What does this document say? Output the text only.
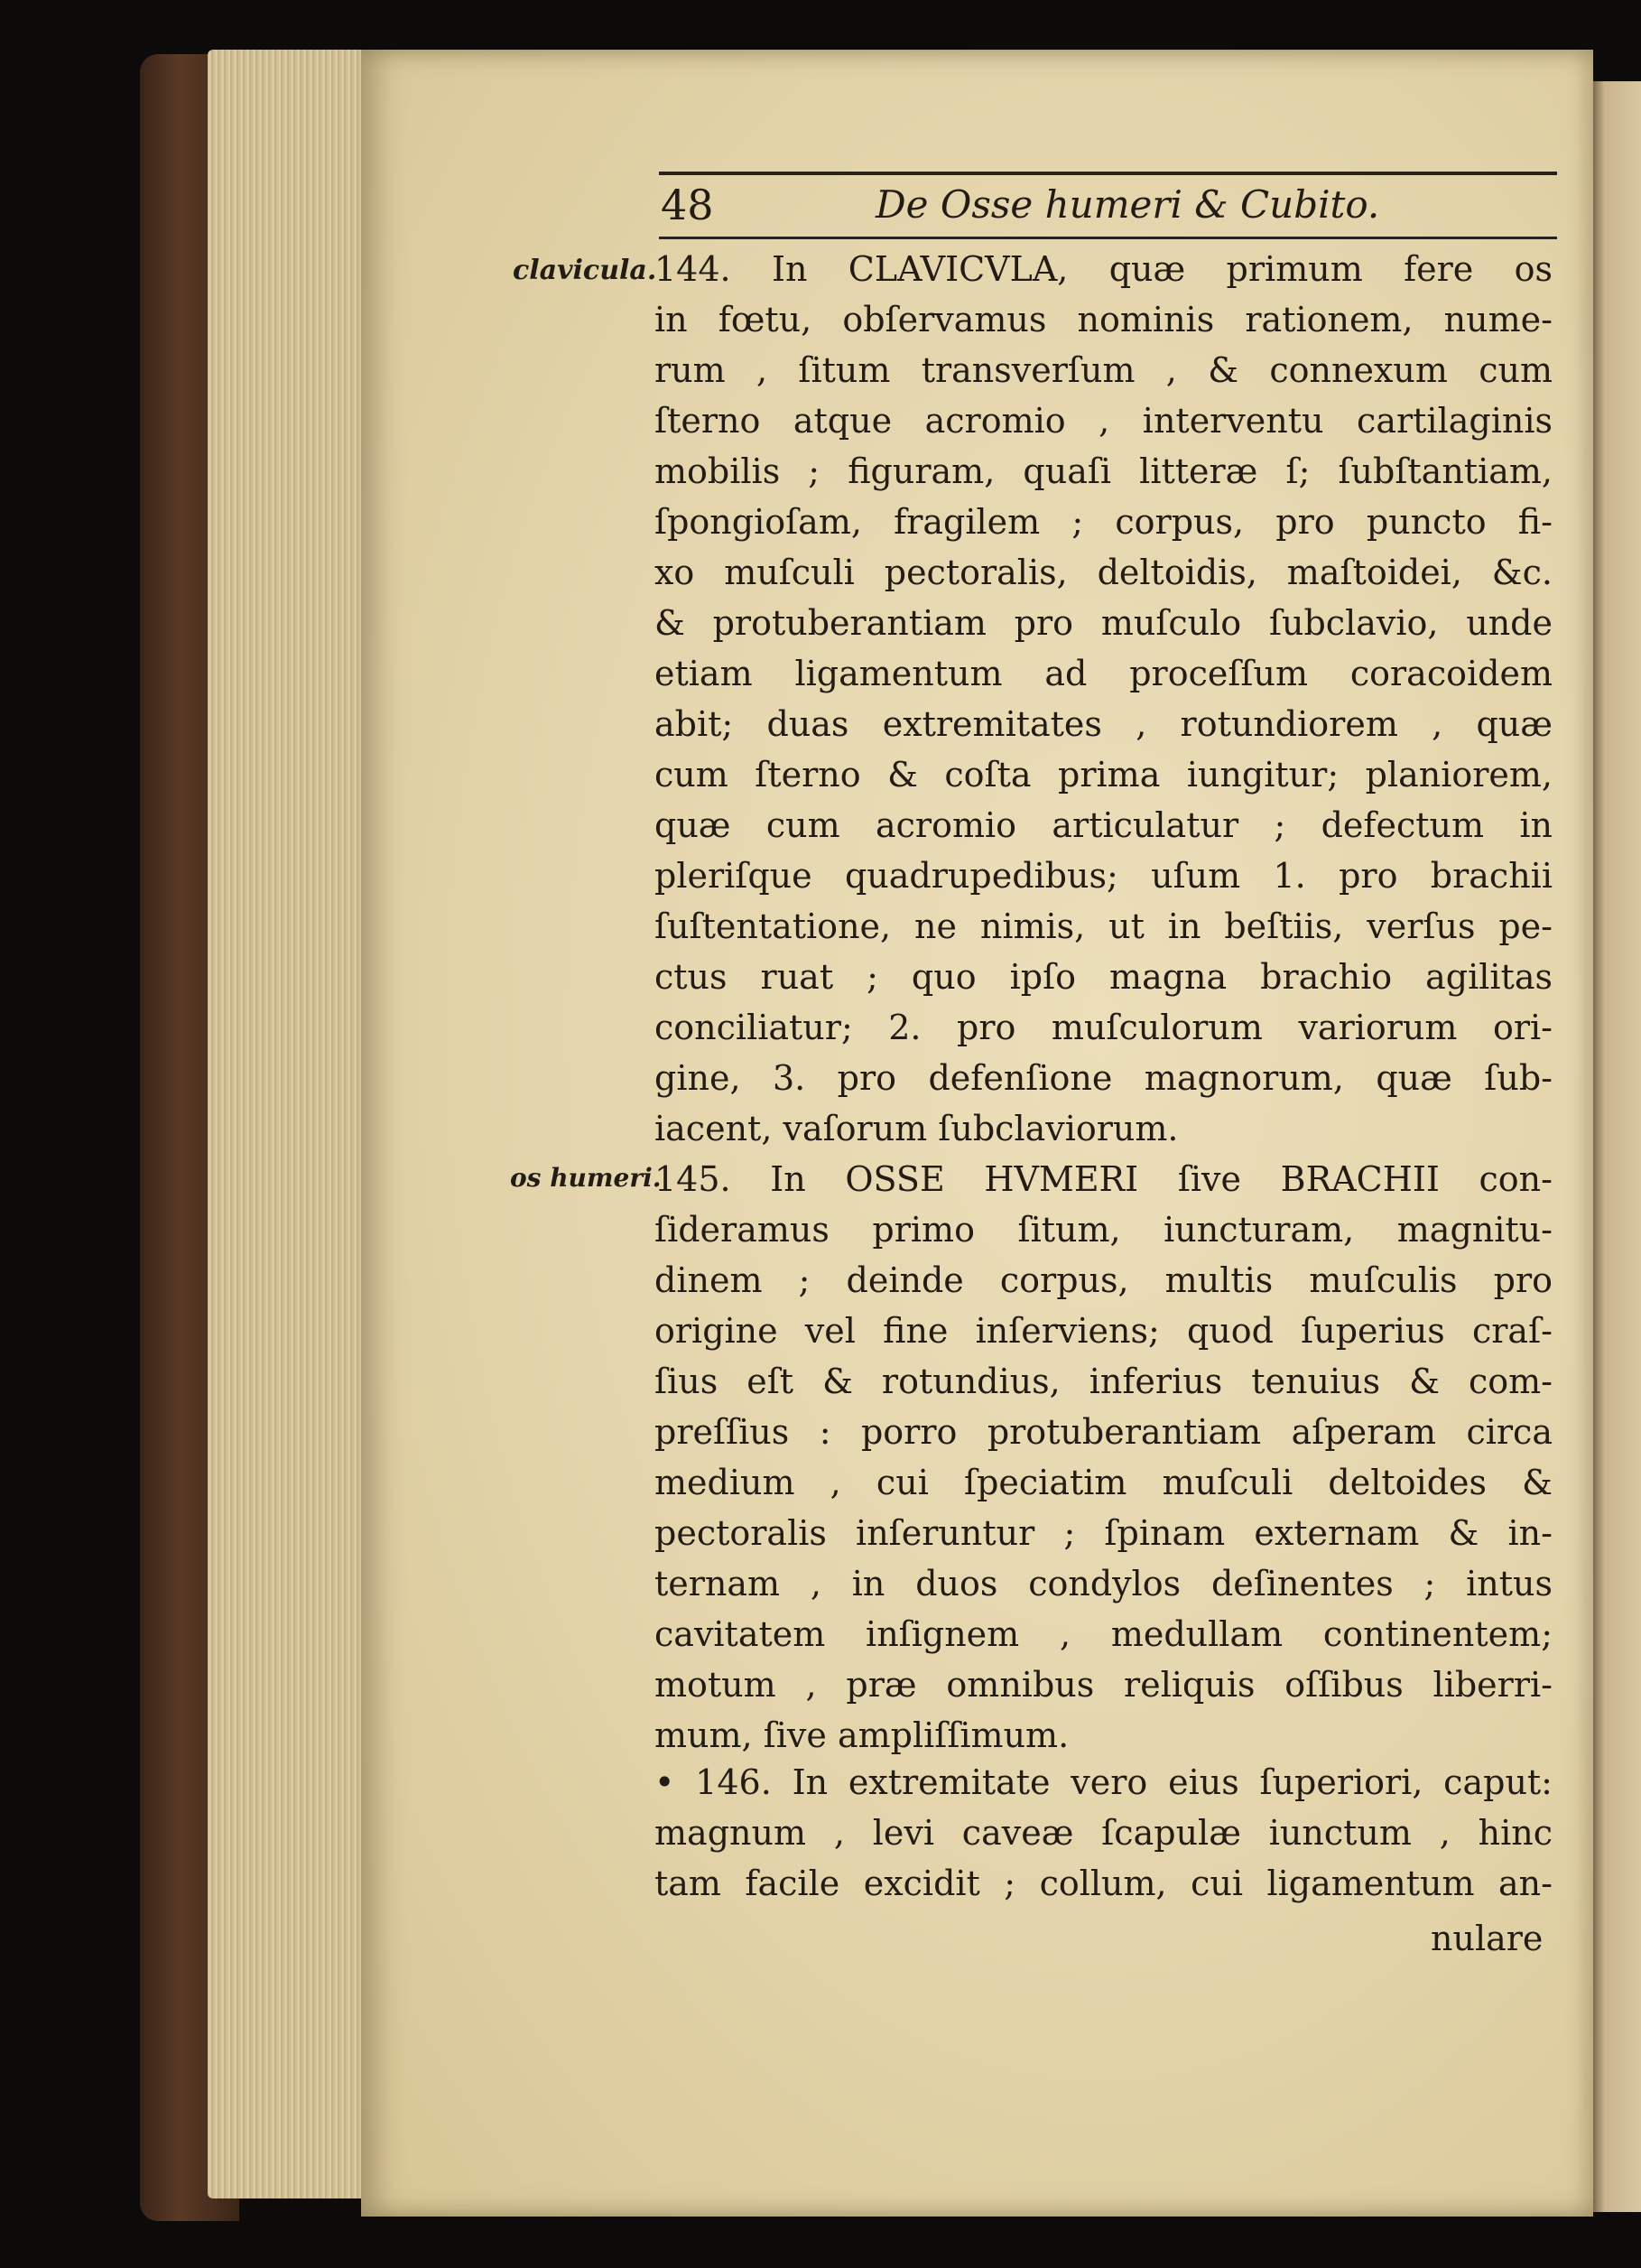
48	De Osse humeri & Cubito.
clavicula.
os humeri.
144. In CLAVICVLA, quæ primum fere os
in fœtu, obſervamus nominis rationem, nume-
rum , ſitum transverſum , & connexum cum
ſterno atque acromio , interventu cartilaginis
mobilis ; figuram, quaſi litteræ ſ; ſubſtantiam,
ſpongioſam, fragilem ; corpus, pro puncto fi-
xo muſculi pectoralis, deltoidis, maſtoidei, &c.
& protuberantiam pro muſculo ſubclavio, unde
etiam ligamentum ad proceſſum coracoidem
abit; duas extremitates , rotundiorem , quæ
cum ſterno & coſta prima iungitur; planiorem,
quæ cum acromio articulatur ; defectum in
pleriſque quadrupedibus; uſum 1. pro brachii
ſuſtentatione, ne nimis, ut in beſtiis, verſus pe-
ctus ruat ; quo ipſo magna brachio agilitas
conciliatur; 2. pro muſculorum variorum ori-
gine, 3. pro defenſione magnorum, quæ ſub-
iacent, vaſorum ſubclaviorum.
145. In OSSE HVMERI ſive BRACHII con-
ſideramus primo ſitum, iuncturam, magnitu-
dinem ; deinde corpus, multis muſculis pro
origine vel fine inſerviens; quod ſuperius craſ-
ſius eſt & rotundius, inferius tenuius & com-
preſſius : porro protuberantiam aſperam circa
medium , cui ſpeciatim muſculi deltoides &
pectoralis inſeruntur ; ſpinam externam & in-
ternam , in duos condylos deſinentes ; intus
cavitatem inſignem , medullam continentem;
motum , præ omnibus reliquis oſſibus liberri-
mum, ſive ampliſſimum.
• 146. In extremitate vero eius ſuperiori, caput:
magnum , levi caveæ ſcapulæ iunctum , hinc
tam facile excidit ; collum, cui ligamentum an-
nulare
